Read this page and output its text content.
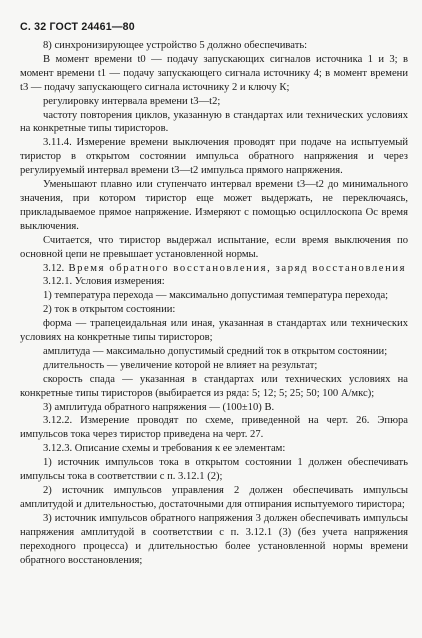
С. 32 ГОСТ 24461—80

8) синхронизирующее устройство 5 должно обеспечивать:

В момент времени t0 — подачу запускающих сигналов источника 1 и 3; в момент времени t1 — подачу запускающего сигнала источнику 4; в момент времени t3 — подачу запускающего сигнала источнику 2 и ключу К;

регулировку интервала времени t3—t2;

частоту повторения циклов, указанную в стандартах или технических условиях на конкретные типы тиристоров.

3.11.4. Измерение времени выключения проводят при подаче на испытуемый тиристор в открытом состоянии импульса обратного напряжения и через регулируемый интервал времени t3—t2 импульса прямого напряжения.

Уменьшают плавно или ступенчато интервал времени t3—t2 до минимального значения, при котором тиристор еще может выдержать, не переключаясь, прикладываемое прямое напряжение. Измеряют с помощью осциллоскопа Ос время выключения.

Считается, что тиристор выдержал испытание, если время выключения по основной цепи не превышает установленной нормы.

3.12. Время обратного восстановления, заряд восстановления

3.12.1. Условия измерения:

1) температура перехода — максимально допустимая температура перехода;

2) ток в открытом состоянии:

форма — трапецеидальная или иная, указанная в стандартах или технических условиях на конкретные типы тиристоров;

амплитуда — максимально допустимый средний ток в открытом состоянии;

длительность — увеличение которой не влияет на результат;

скорость спада — указанная в стандартах или технических условиях на конкретные типы тиристоров (выбирается из ряда: 5; 12; 5; 25; 50; 100 А/мкс);

3) амплитуда обратного напряжения — (100±10) В.

3.12.2. Измерение проводят по схеме, приведенной на черт. 26. Эпюра импульсов тока через тиристор приведена на черт. 27.

3.12.3. Описание схемы и требования к ее элементам:

1) источник импульсов тока в открытом состоянии 1 должен обеспечивать импульсы тока в соответствии с п. 3.12.1 (2);

2) источник импульсов управления 2 должен обеспечивать импульсы амплитудой и длительностью, достаточными для отпирания испытуемого тиристора;

3) источник импульсов обратного напряжения 3 должен обеспечивать импульсы напряжения амплитудой в соответствии с п. 3.12.1 (3) (без учета напряжения переходного процесса) и длительностью более установленной нормы времени обратного восстановления;
